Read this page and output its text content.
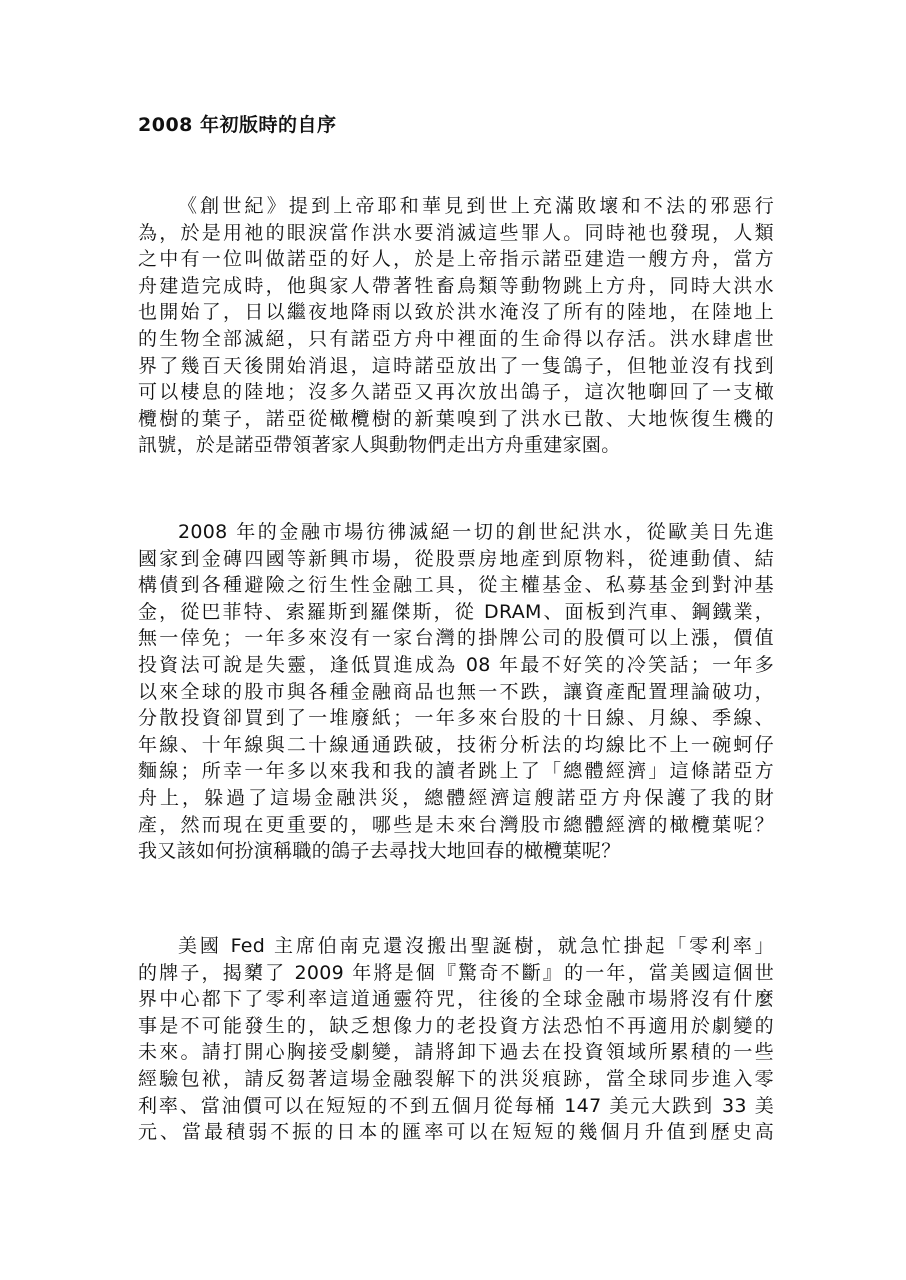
2008 年初版時的自序
《創世紀》提到上帝耶和華見到世上充滿敗壞和不法的邪惡行
為，於是用祂的眼淚當作洪水要消滅這些罪人。同時祂也發現，人類
之中有一位叫做諾亞的好人，於是上帝指示諾亞建造一艘方舟，當方
舟建造完成時，他與家人帶著牲畜鳥類等動物跳上方舟，同時大洪水
也開始了，日以繼夜地降雨以致於洪水淹沒了所有的陸地，在陸地上
的生物全部滅絕，只有諾亞方舟中裡面的生命得以存活。洪水肆虐世
界了幾百天後開始消退，這時諾亞放出了一隻鴿子，但牠並沒有找到
可以棲息的陸地；沒多久諾亞又再次放出鴿子，這次牠啣回了一支橄
欖樹的葉子，諾亞從橄欖樹的新葉嗅到了洪水已散、大地恢復生機的
訊號，於是諾亞帶領著家人與動物們走出方舟重建家園。
2008 年的金融市場彷彿滅絕一切的創世紀洪水，從歐美日先進
國家到金磚四國等新興市場，從股票房地產到原物料，從連動債、結
構債到各種避險之衍生性金融工具，從主權基金、私募基金到對沖基
金，從巴菲特、索羅斯到羅傑斯，從 DRAM、面板到汽車、鋼鐵業，
無一倖免；一年多來沒有一家台灣的掛牌公司的股價可以上漲，價值
投資法可說是失靈，逢低買進成為 08 年最不好笑的冷笑話；一年多
以來全球的股市與各種金融商品也無一不跌，讓資產配置理論破功，
分散投資卻買到了一堆廢紙；一年多來台股的十日線、月線、季線、
年線、十年線與二十線通通跌破，技術分析法的均線比不上一碗蚵仔
麵線；所幸一年多以來我和我的讀者跳上了「總體經濟」這條諾亞方
舟上，躲過了這場金融洪災，總體經濟這艘諾亞方舟保護了我的財
產，然而現在更重要的，哪些是未來台灣股市總體經濟的橄欖葉呢？
我又該如何扮演稱職的鴿子去尋找大地回春的橄欖葉呢？
美國 Fed 主席伯南克還沒搬出聖誕樹，就急忙掛起「零利率」
的牌子，揭櫫了 2009 年將是個『驚奇不斷』的一年，當美國這個世
界中心都下了零利率這道通靈符咒，往後的全球金融市場將沒有什麼
事是不可能發生的，缺乏想像力的老投資方法恐怕不再適用於劇變的
未來。請打開心胸接受劇變，請將卸下過去在投資領域所累積的一些
經驗包袱，請反芻著這場金融裂解下的洪災痕跡，當全球同步進入零
利率、當油價可以在短短的不到五個月從每桶 147 美元大跌到 33 美
元、當最積弱不振的日本的匯率可以在短短的幾個月升值到歷史高
